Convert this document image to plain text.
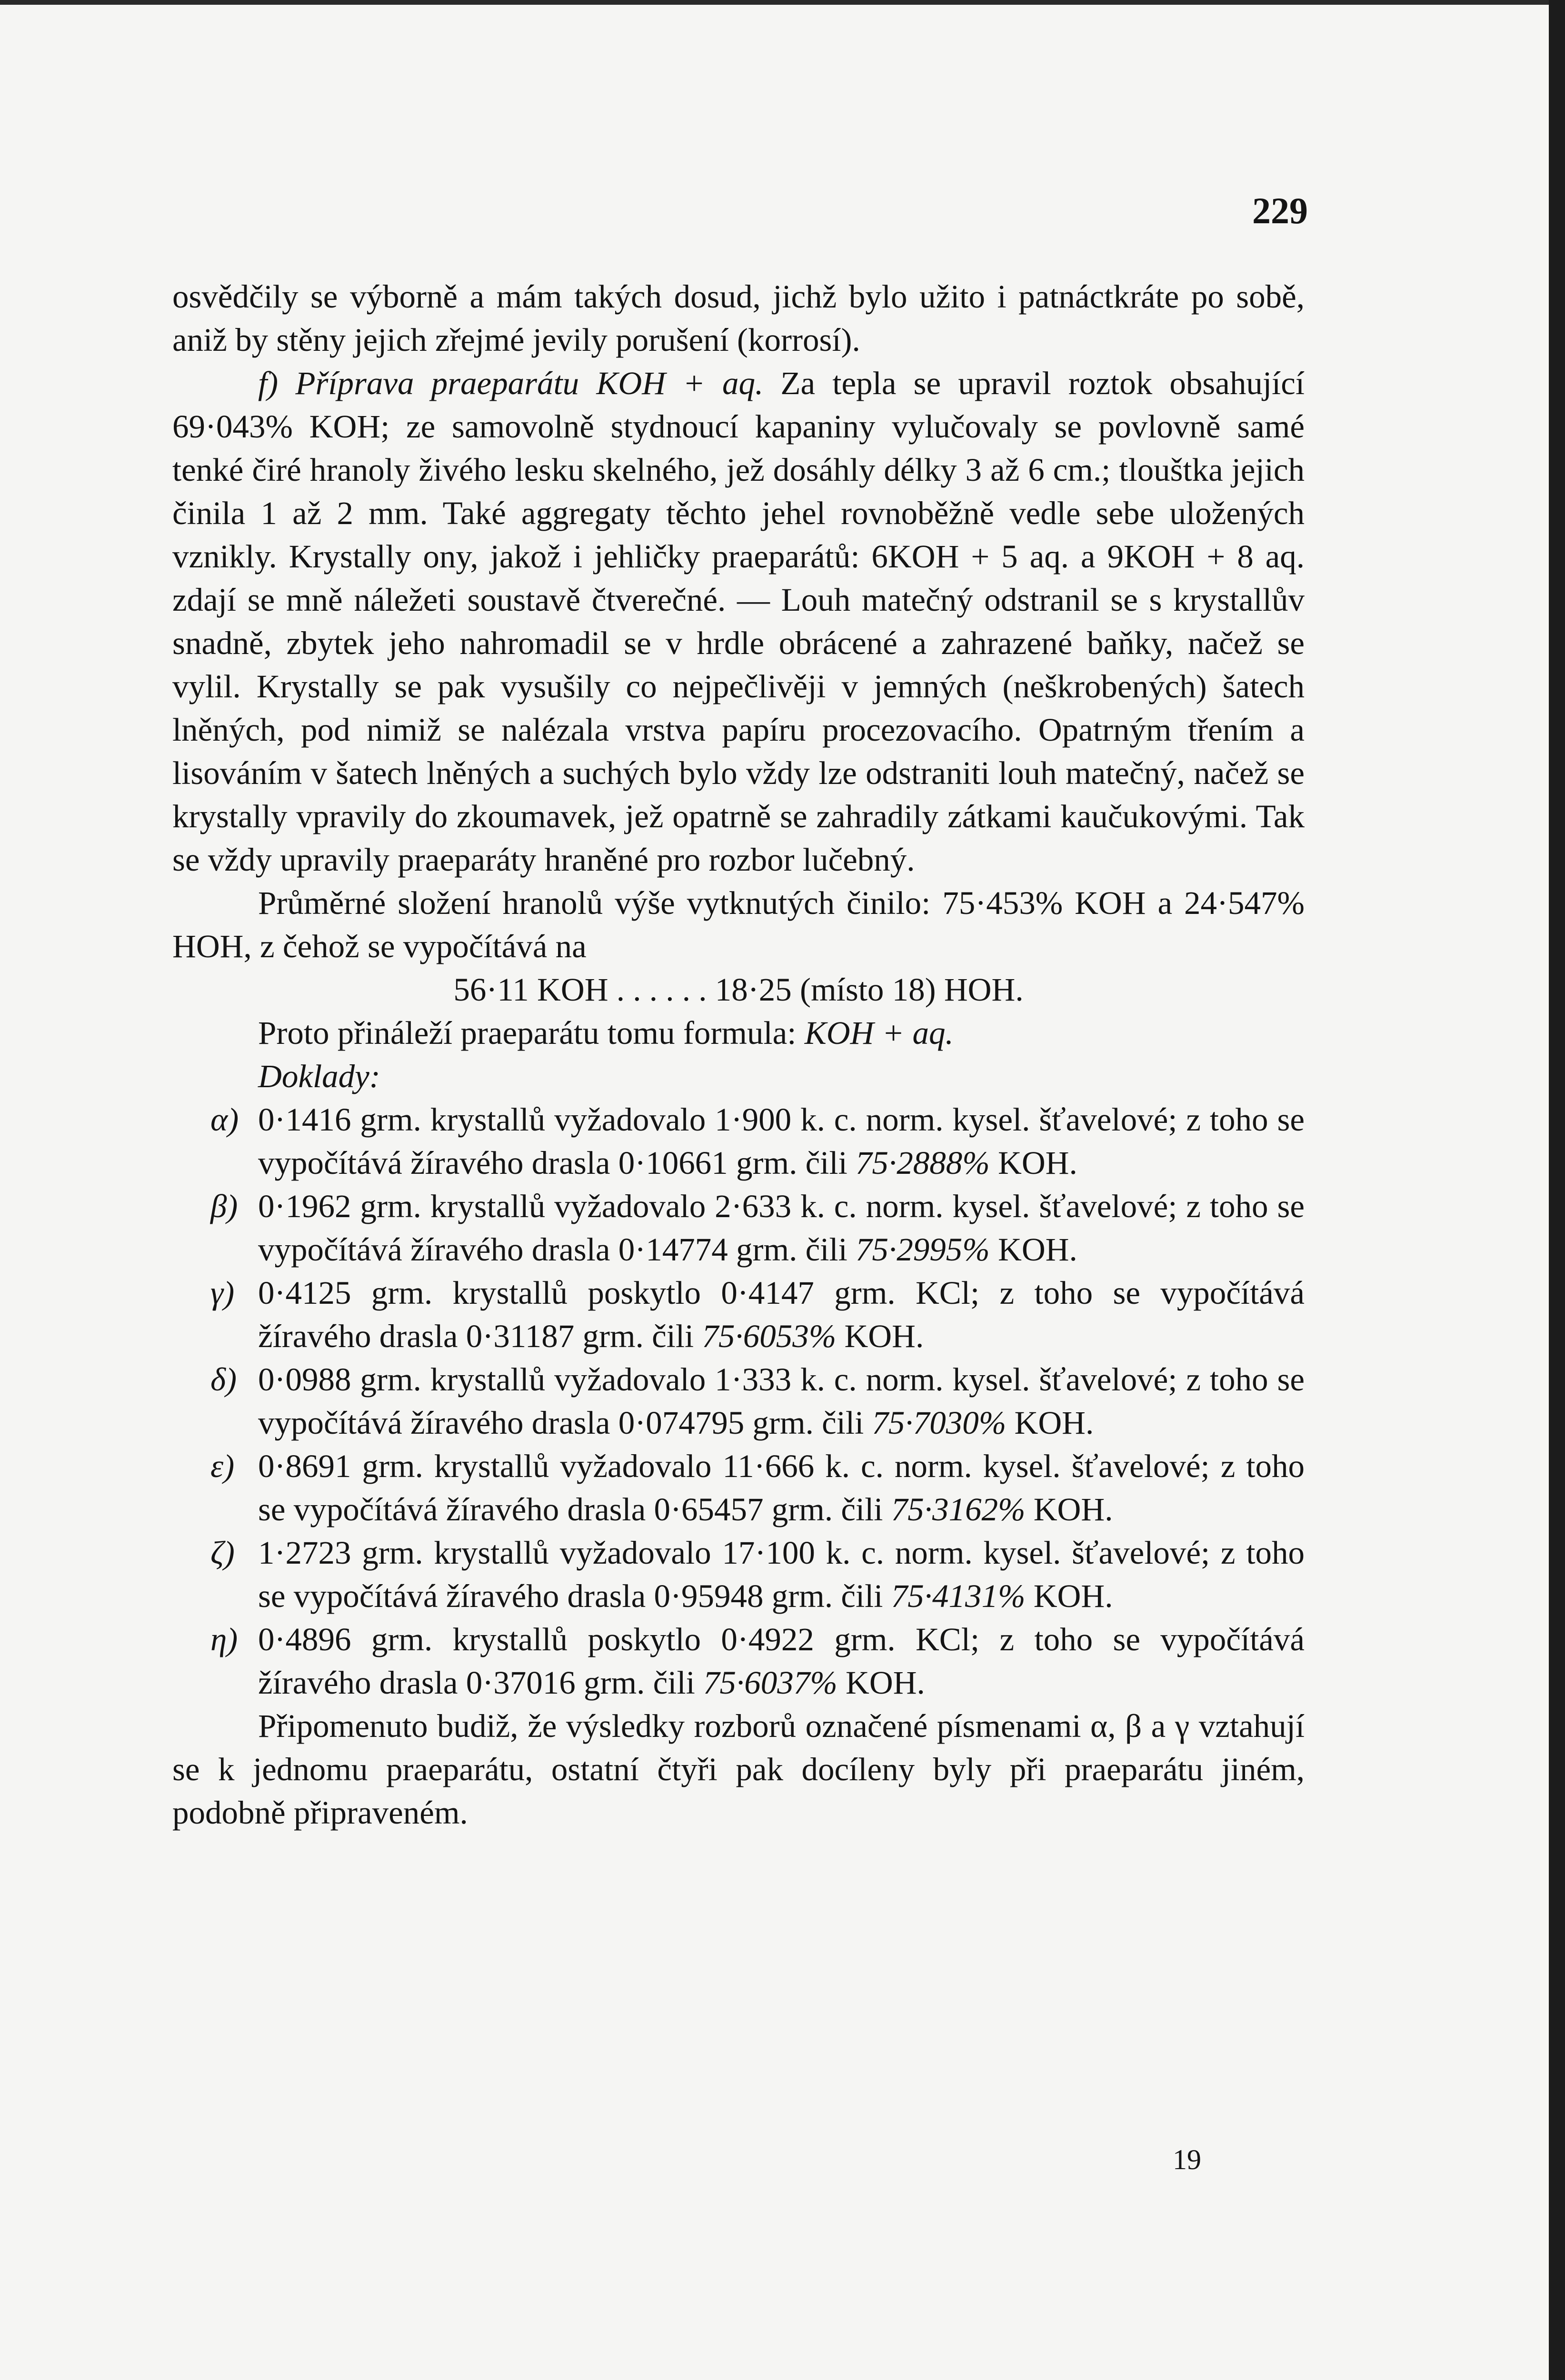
229

osvědčily se výborně a mám takých dosud, jichž bylo užito i patnáctkráte po sobě, aniž by stěny jejich zřejmé jevily porušení (korrosí).

f) Příprava praeparátu KOH + aq. Za tepla se upravil roztok obsahující 69·043% KOH; ze samovolně stydnoucí kapaniny vylučovaly se povlovně samé tenké čiré hranoly živého lesku skelného, jež dosáhly délky 3 až 6 cm.; tlouštka jejich činila 1 až 2 mm. Také aggregaty těchto jehel rovnoběžně vedle sebe uložených vznikly. Krystally ony, jakož i jehličky praeparátů: 6KOH + 5 aq. a 9KOH + 8 aq. zdají se mně náležeti soustavě čtverečné. — Louh matečný odstranil se s krystallův snadně, zbytek jeho nahromadil se v hrdle obrácené a zahrazené baňky, načež se vylil. Krystally se pak vysušily co nejpečlivěji v jemných (neškrobených) šatech lněných, pod nimiž se nalézala vrstva papíru procezovacího. Opatrným třením a lisováním v šatech lněných a suchých bylo vždy lze odstraniti louh matečný, načež se krystally vpravily do zkoumavek, jež opatrně se zahradily zátkami kaučukovými. Tak se vždy upravily praeparáty hraněné pro rozbor lučebný.

Průměrné složení hranolů výše vytknutých činilo: 75·453% KOH a 24·547% HOH, z čehož se vypočítává na

56·11 KOH . . . . . . 18·25 (místo 18) HOH.

Proto přináleží praeparátu tomu formula: KOH + aq.

Doklady:

α) 0·1416 grm. krystallů vyžadovalo 1·900 k. c. norm. kysel. šťavelové; z toho se vypočítává žíravého drasla 0·10661 grm. čili 75·2888% KOH.
β) 0·1962 grm. krystallů vyžadovalo 2·633 k. c. norm. kysel. šťavelové; z toho se vypočítává žíravého drasla 0·14774 grm. čili 75·2995% KOH.
γ) 0·4125 grm. krystallů poskytlo 0·4147 grm. KCl; z toho se vypočítává žíravého drasla 0·31187 grm. čili 75·6053% KOH.
δ) 0·0988 grm. krystallů vyžadovalo 1·333 k. c. norm. kysel. šťavelové; z toho se vypočítává žíravého drasla 0·074795 grm. čili 75·7030% KOH.
ε) 0·8691 grm. krystallů vyžadovalo 11·666 k. c. norm. kysel. šťavelové; z toho se vypočítává žíravého drasla 0·65457 grm. čili 75·3162% KOH.
ζ) 1·2723 grm. krystallů vyžadovalo 17·100 k. c. norm. kysel. šťavelové; z toho se vypočítává žíravého drasla 0·95948 grm. čili 75·4131% KOH.
η) 0·4896 grm. krystallů poskytlo 0·4922 grm. KCl; z toho se vypočítává žíravého drasla 0·37016 grm. čili 75·6037% KOH.

Připomenuto budiž, že výsledky rozborů označené písmenami α, β a γ vztahují se k jednomu praeparátu, ostatní čtyři pak docíleny byly při praeparátu jiném, podobně připraveném.

19
